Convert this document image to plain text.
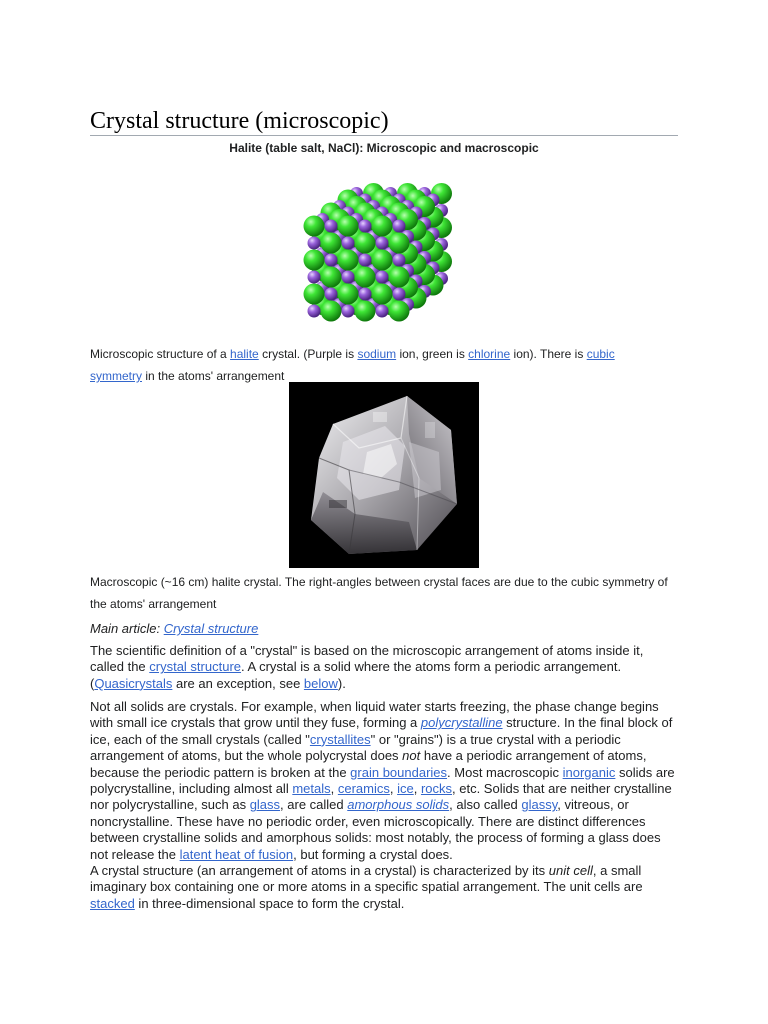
Crystal structure (microscopic)
Halite (table salt, NaCl): Microscopic and macroscopic
Microscopic structure of a halite crystal. (Purple is sodium ion, green is chlorine ion). There is cubic
symmetry in the atoms' arrangement
Macroscopic (~16 cm) halite crystal. The right-angles between crystal faces are due to the cubic symmetry of
the atoms' arrangement
Main article: Crystal structure

The scientific definition of a "crystal" is based on the microscopic arrangement of atoms inside it, called the crystal structure. A crystal is a solid where the atoms form a periodic arrangement. (Quasicrystals are an exception, see below).

Not all solids are crystals. For example, when liquid water starts freezing, the phase change begins with small ice crystals that grow until they fuse, forming a polycrystalline structure. In the final block of ice, each of the small crystals (called "crystallites" or "grains") is a true crystal with a periodic arrangement of atoms, but the whole polycrystal does not have a periodic arrangement of atoms, because the periodic pattern is broken at the grain boundaries. Most macroscopic inorganic solids are polycrystalline, including almost all metals, ceramics, ice, rocks, etc. Solids that are neither crystalline nor polycrystalline, such as glass, are called amorphous solids, also called glassy, vitreous, or noncrystalline. These have no periodic order, even microscopically. There are distinct differences between crystalline solids and amorphous solids: most notably, the process of forming a glass does not release the latent heat of fusion, but forming a crystal does.

A crystal structure (an arrangement of atoms in a crystal) is characterized by its unit cell, a small imaginary box containing one or more atoms in a specific spatial arrangement. The unit cells are stacked in three-dimensional space to form the crystal.
